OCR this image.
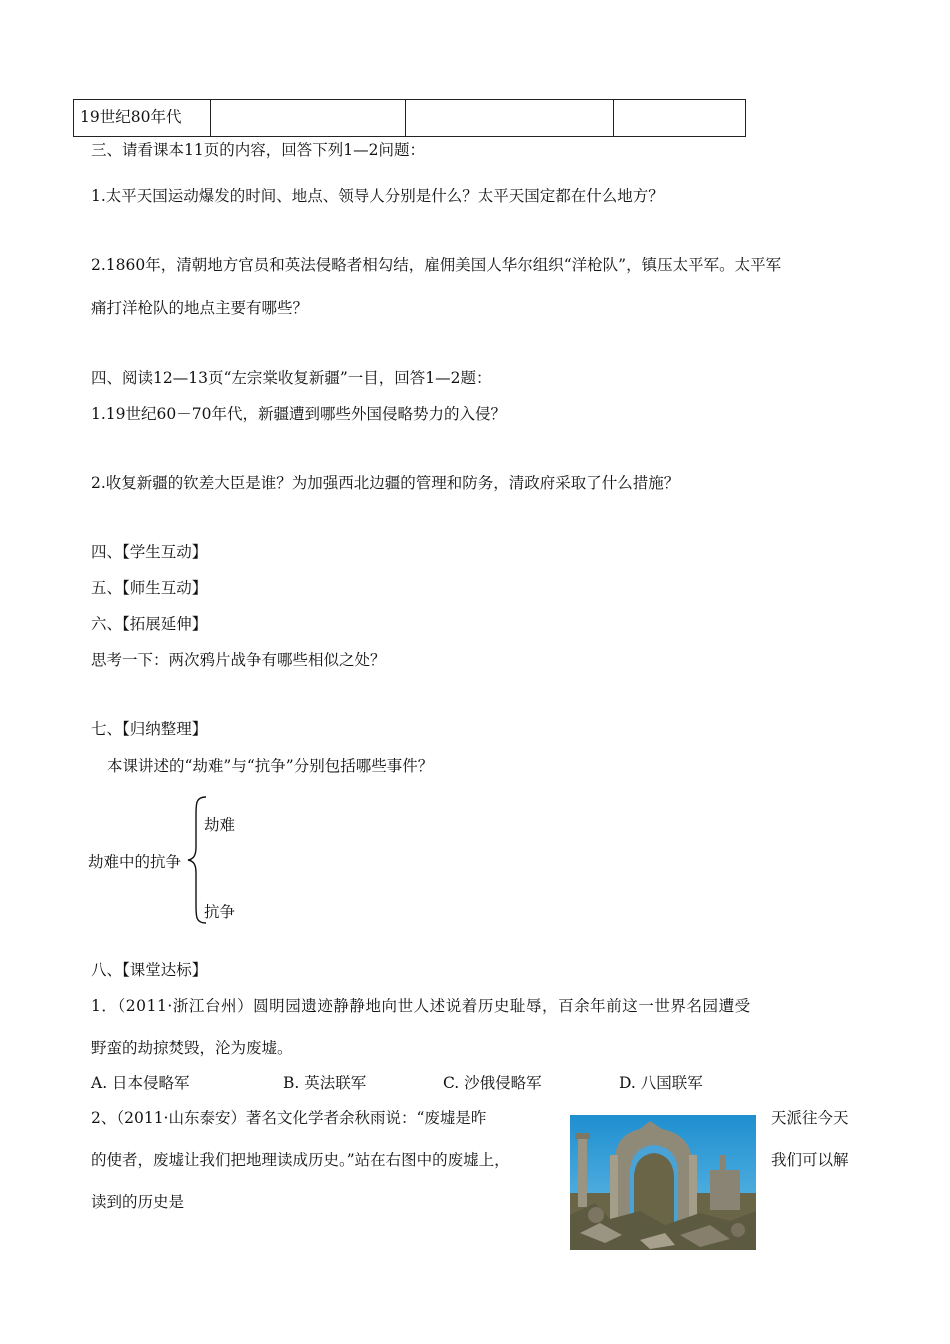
19世纪80年代			
三、请看课本11页的内容，回答下列1—2问题：
1.太平天国运动爆发的时间、地点、领导人分别是什么？太平天国定都在什么地方？
2.1860年，清朝地方官员和英法侵略者相勾结，雇佣美国人华尔组织“洋枪队”，镇压太平军。太平军
痛打洋枪队的地点主要有哪些？
四、阅读12—13页“左宗棠收复新疆”一目，回答1—2题：
1.19世纪60－70年代，新疆遭到哪些外国侵略势力的入侵？
2.收复新疆的钦差大臣是谁？为加强西北边疆的管理和防务，清政府采取了什么措施？
四、【学生互动】
五、【师生互动】
六、【拓展延伸】
思考一下：两次鸦片战争有哪些相似之处？
七、【归纳整理】
本课讲述的“劫难”与“抗争”分别包括哪些事件？
劫难中的抗争
劫难
抗争
八、【课堂达标】
1．（2011·浙江台州）圆明园遗迹静静地向世人述说着历史耻辱，百余年前这一世界名园遭受
野蛮的劫掠焚毁，沦为废墟。
A. 日本侵略军	B. 英法联军	C. 沙俄侵略军	D. 八国联军
2、（2011·山东泰安）著名文化学者余秋雨说：“废墟是昨	天派往今天
的使者，废墟让我们把地理读成历史。”站在右图中的废墟上，	我们可以解
读到的历史是
